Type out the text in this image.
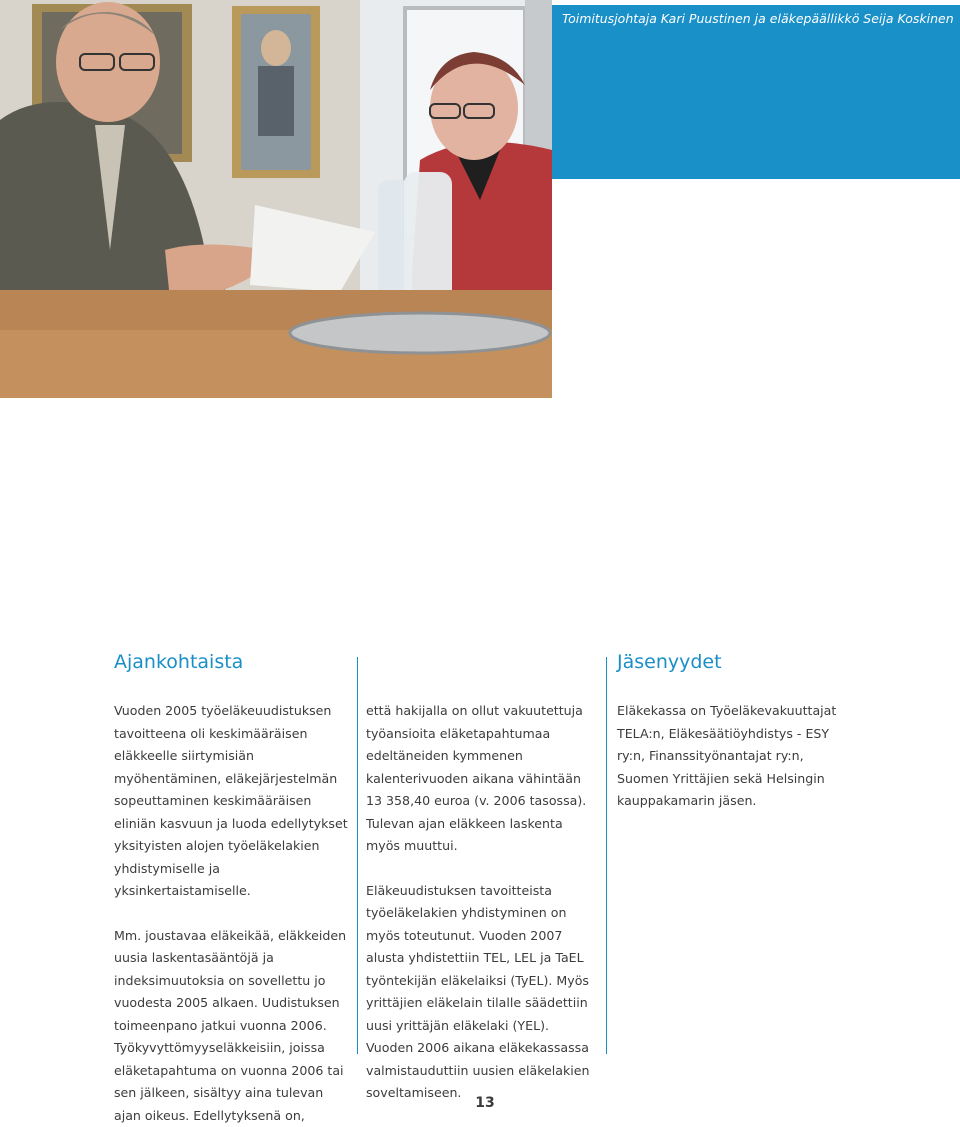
Toimitusjohtaja Kari Puustinen ja eläkepäällikkö Seija Koskinen
Ajankohtaista	Jäsenyydet

Vuoden 2005 työeläkeuudistuksen tavoitteena oli keskimääräisen eläkkeelle siirtymisiän myöhentäminen, eläkejärjestelmän sopeuttaminen keskimääräisen eliniän kasvuun ja luoda edellytykset yksityisten alojen työeläkelakien yhdistymiselle ja yksinkertaistamiselle.

Mm. joustavaa eläkeikää, eläkkeiden uusia laskentasääntöjä ja indeksimuutoksia on sovellettu jo vuodesta 2005 alkaen. Uudistuksen toimeenpano jatkui vuonna 2006. Työkyvyttömyyseläkkeisiin, joissa eläketapahtuma on vuonna 2006 tai sen jälkeen, sisältyy aina tulevan ajan oikeus. Edellytyksenä on,

että hakijalla on ollut vakuutettuja työansioita eläketapahtumaa edeltäneiden kymmenen kalenterivuoden aikana vähintään 13 358,40 euroa (v. 2006 tasossa). Tulevan ajan eläkkeen laskenta myös muuttui.

Eläkeuudistuksen tavoitteista työeläkelakien yhdistyminen on myös toteutunut. Vuoden 2007 alusta yhdistettiin TEL, LEL ja TaEL työntekijän eläkelaiksi (TyEL). Myös yrittäjien eläkelain tilalle säädettiin uusi yrittäjän eläkelaki (YEL). Vuoden 2006 aikana eläkekassassa valmistauduttiin uusien eläkelakien soveltamiseen.

Eläkekassa on Työeläkevakuuttajat TELA:n, Eläkesäätiöyhdistys - ESY ry:n, Finanssityönantajat ry:n, Suomen Yrittäjien sekä Helsingin kauppakamarin jäsen.

13
